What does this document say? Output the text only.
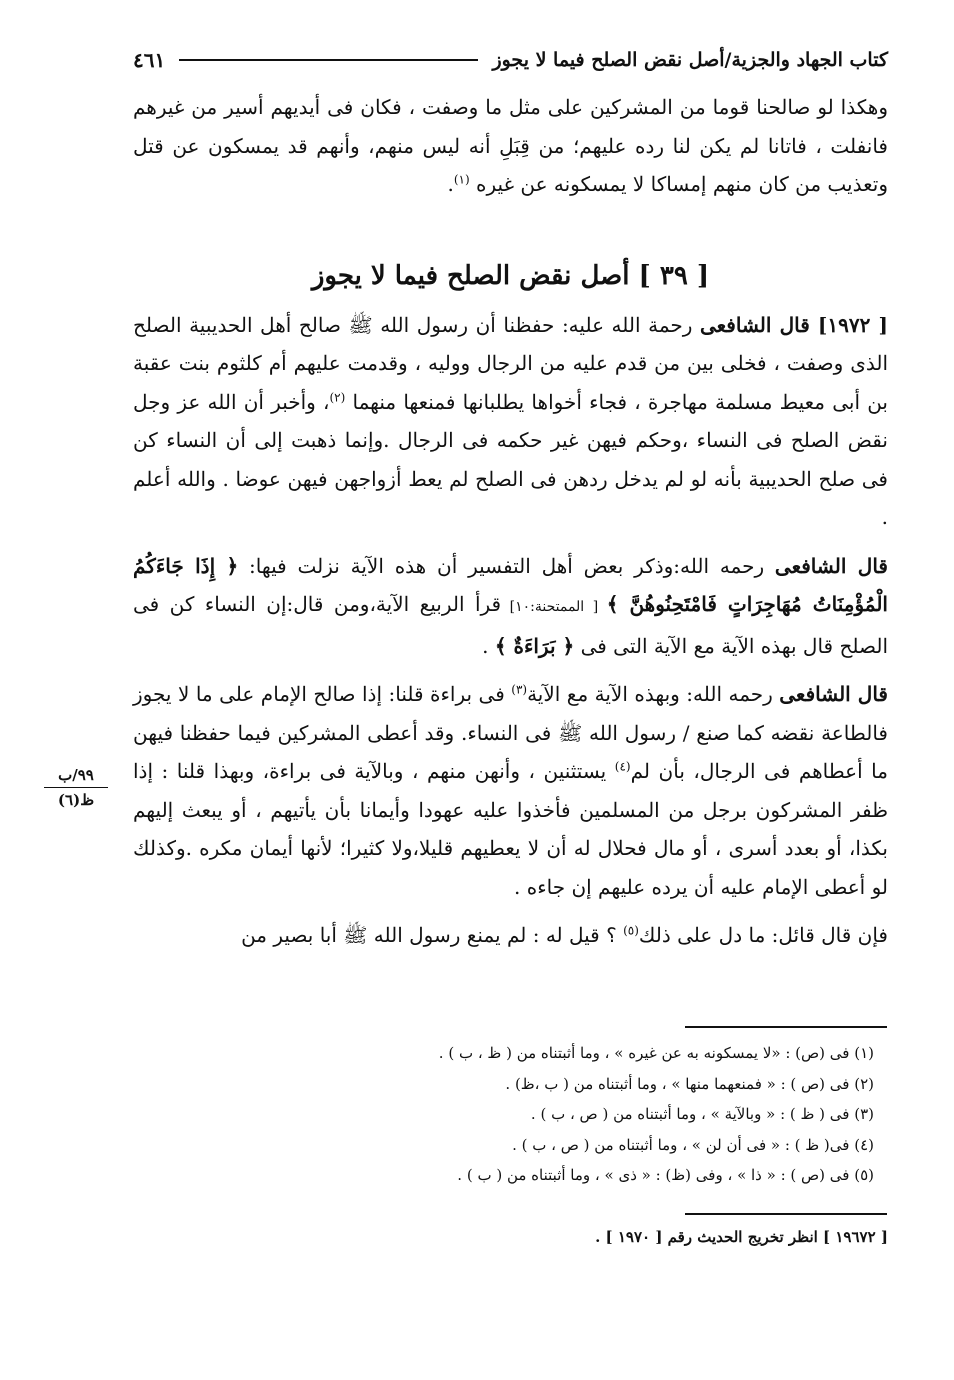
كتاب الجهاد والجزية/أصل نقض الصلح فيما لا يجوز
٤٦١

وهكذا لو صالحنا قوما من المشركين على مثل ما وصفت ، فكان فى أيديهم أسير من غيرهم فانفلت ، فاتانا لم يكن لنا رده عليهم؛ من قِبَلِ أنه ليس منهم، وأنهم قد يمسكون عن قتل وتعذيب من كان منهم إمساكا لا يمسكونه عن غيره $^{(١)}$.

[ ٣٩ ] أصل نقض الصلح فيما لا يجوز

[ ١٩٧٢] قال الشافعى رحمة الله عليه: حفظنا أن رسول الله ﷺ صالح أهل الحديبية الصلح الذى وصفت ، فخلى بين من قدم عليه من الرجال ووليه ، وقدمت عليهم أم كلثوم بنت عقبة بن أبى معيط مسلمة مهاجرة ، فجاء أخواها يطلبانها فمنعها منهما $^{(٢)}$، وأخبر أن الله عز وجل نقض الصلح فى النساء ،وحكم فيهن غير حكمه فى الرجال .وإنما ذهبت إلى أن النساء كن فى صلح الحديبية بأنه لو لم يدخل ردهن فى الصلح لم يعط أزواجهن فيهن عوضا . والله أعلم .

قال الشافعى رحمه الله:وذكر بعض أهل التفسير أن هذه الآية نزلت فيها: ﴿ إِذَا جَاءَكُمُ الْمُؤْمِنَاتُ مُهَاجِرَاتٍ فَامْتَحِنُوهُنَّ ﴾ [ الممتحنة:١٠] قرأ الربيع الآية،ومن قال:إن النساء كن فى الصلح قال بهذه الآية مع الآية التى فى ﴿ بَرَاءَةٌ ﴾ .

قال الشافعى رحمه الله: وبهذه الآية مع الآية$^{(٣)}$ فى براءة قلنا: إذا صالح الإمام على ما لا يجوز فالطاعة نقضه كما صنع / رسول الله ﷺ فى النساء. وقد أعطى المشركين فيما حفظنا فيهن ما أعطاهم فى الرجال، بأن لم$^{(٤)}$ يستثنين ، وأنهن منهم ، وبالآية فى براءة، وبهذا قلنا : إذا ظفر المشركون برجل من المسلمين فأخذوا عليه عهودا وأيمانا بأن يأتيهم ، أو يبعث إليهم بكذا، أو بعدد أسرى ، أو مال فحلال له أن لا يعطيهم قليلا،ولا كثيرا؛ لأنها أيمان مكره .وكذلك لو أعطى الإمام عليه أن يرده عليهم إن جاءه .

فإن قال قائل: ما دل على ذلك$^{(٥)}$ ؟ قيل له : لم يمنع رسول الله ﷺ أبا بصير من

٩٩/ب
ظ(٦)
(١) فى (ص) : «لا يمسكونه به عن غيره » ، وما أثبتناه من ( ظ ، ب ) .
(٢) فى (ص ) : « فمنعهما منها » ، وما أثبتناه من ( ب ،ظ) .
(٣) فى ( ظ ) : « وبالآية » ، وما أثبتناه من ( ص ، ب ) .
(٤) فى( ظ ) : « فى أن لن » ، وما أثبتناه من ( ص ، ب ) .
(٥) فى (ص ) : « ذا » ، وفى (ظ) : « ذى » ، وما أثبتناه من ( ب ) .
[ ١٩٦٧٢ ] انظر تخريج الحديث رقم [ ١٩٧٠ ] .
